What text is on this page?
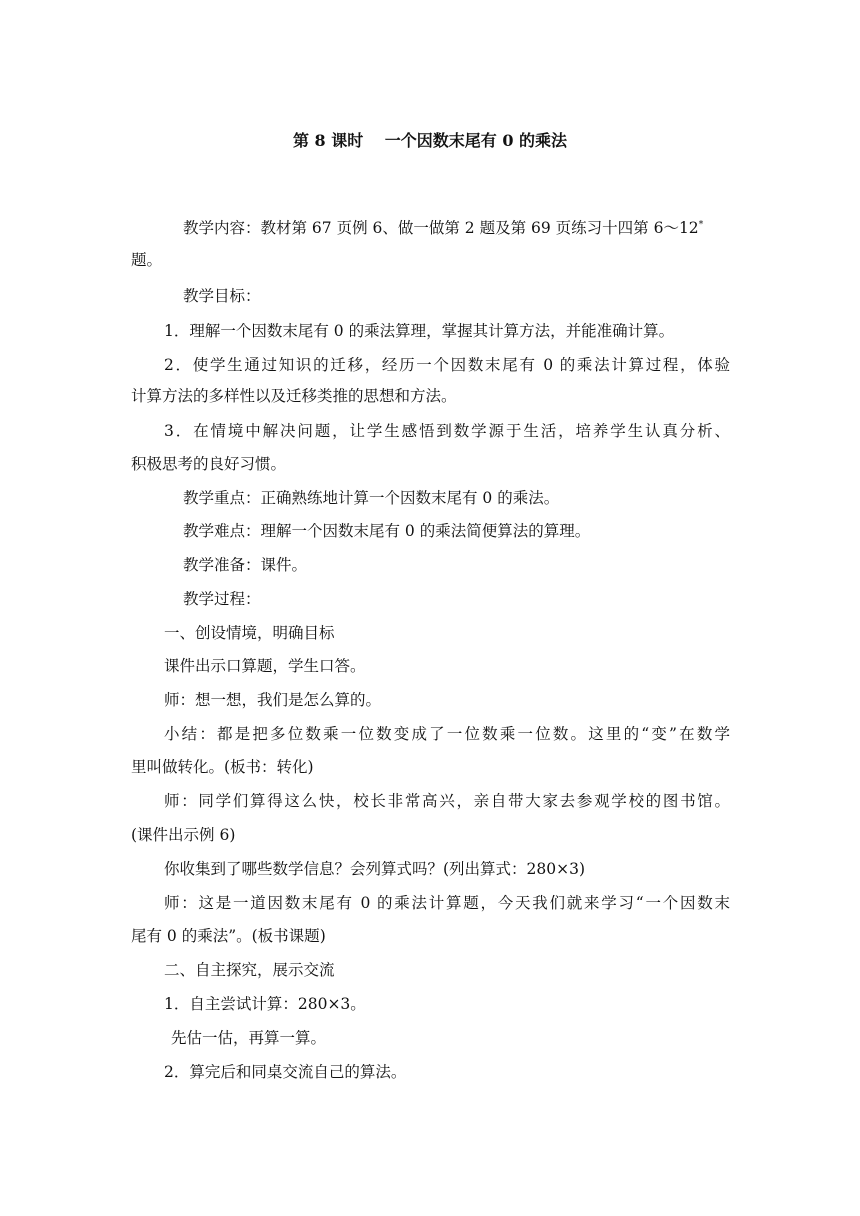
第 8 课时　 一个因数末尾有 0 的乘法
教学内容：教材第 67 页例 6、做一做第 2 题及第 69 页练习十四第 6～12*
题。
教学目标：
1．理解一个因数末尾有 0 的乘法算理，掌握其计算方法，并能准确计算。
2．使学生通过知识的迁移，经历一个因数末尾有 0 的乘法计算过程，体验
计算方法的多样性以及迁移类推的思想和方法。
3．在情境中解决问题，让学生感悟到数学源于生活，培养学生认真分析、
积极思考的良好习惯。
教学重点：正确熟练地计算一个因数末尾有 0 的乘法。
教学难点：理解一个因数末尾有 0 的乘法简便算法的算理。
教学准备：课件。
教学过程：
一、创设情境，明确目标
课件出示口算题，学生口答。
师：想一想，我们是怎么算的。
小结：都是把多位数乘一位数变成了一位数乘一位数。这里的“变”在数学
里叫做转化。(板书：转化)
师：同学们算得这么快，校长非常高兴，亲自带大家去参观学校的图书馆。
(课件出示例 6)
你收集到了哪些数学信息？会列算式吗？(列出算式：280×3)
师：这是一道因数末尾有 0 的乘法计算题，今天我们就来学习“一个因数末
尾有 0 的乘法”。(板书课题)
二、自主探究，展示交流
1．自主尝试计算：280×3。
先估一估，再算一算。
2．算完后和同桌交流自己的算法。
